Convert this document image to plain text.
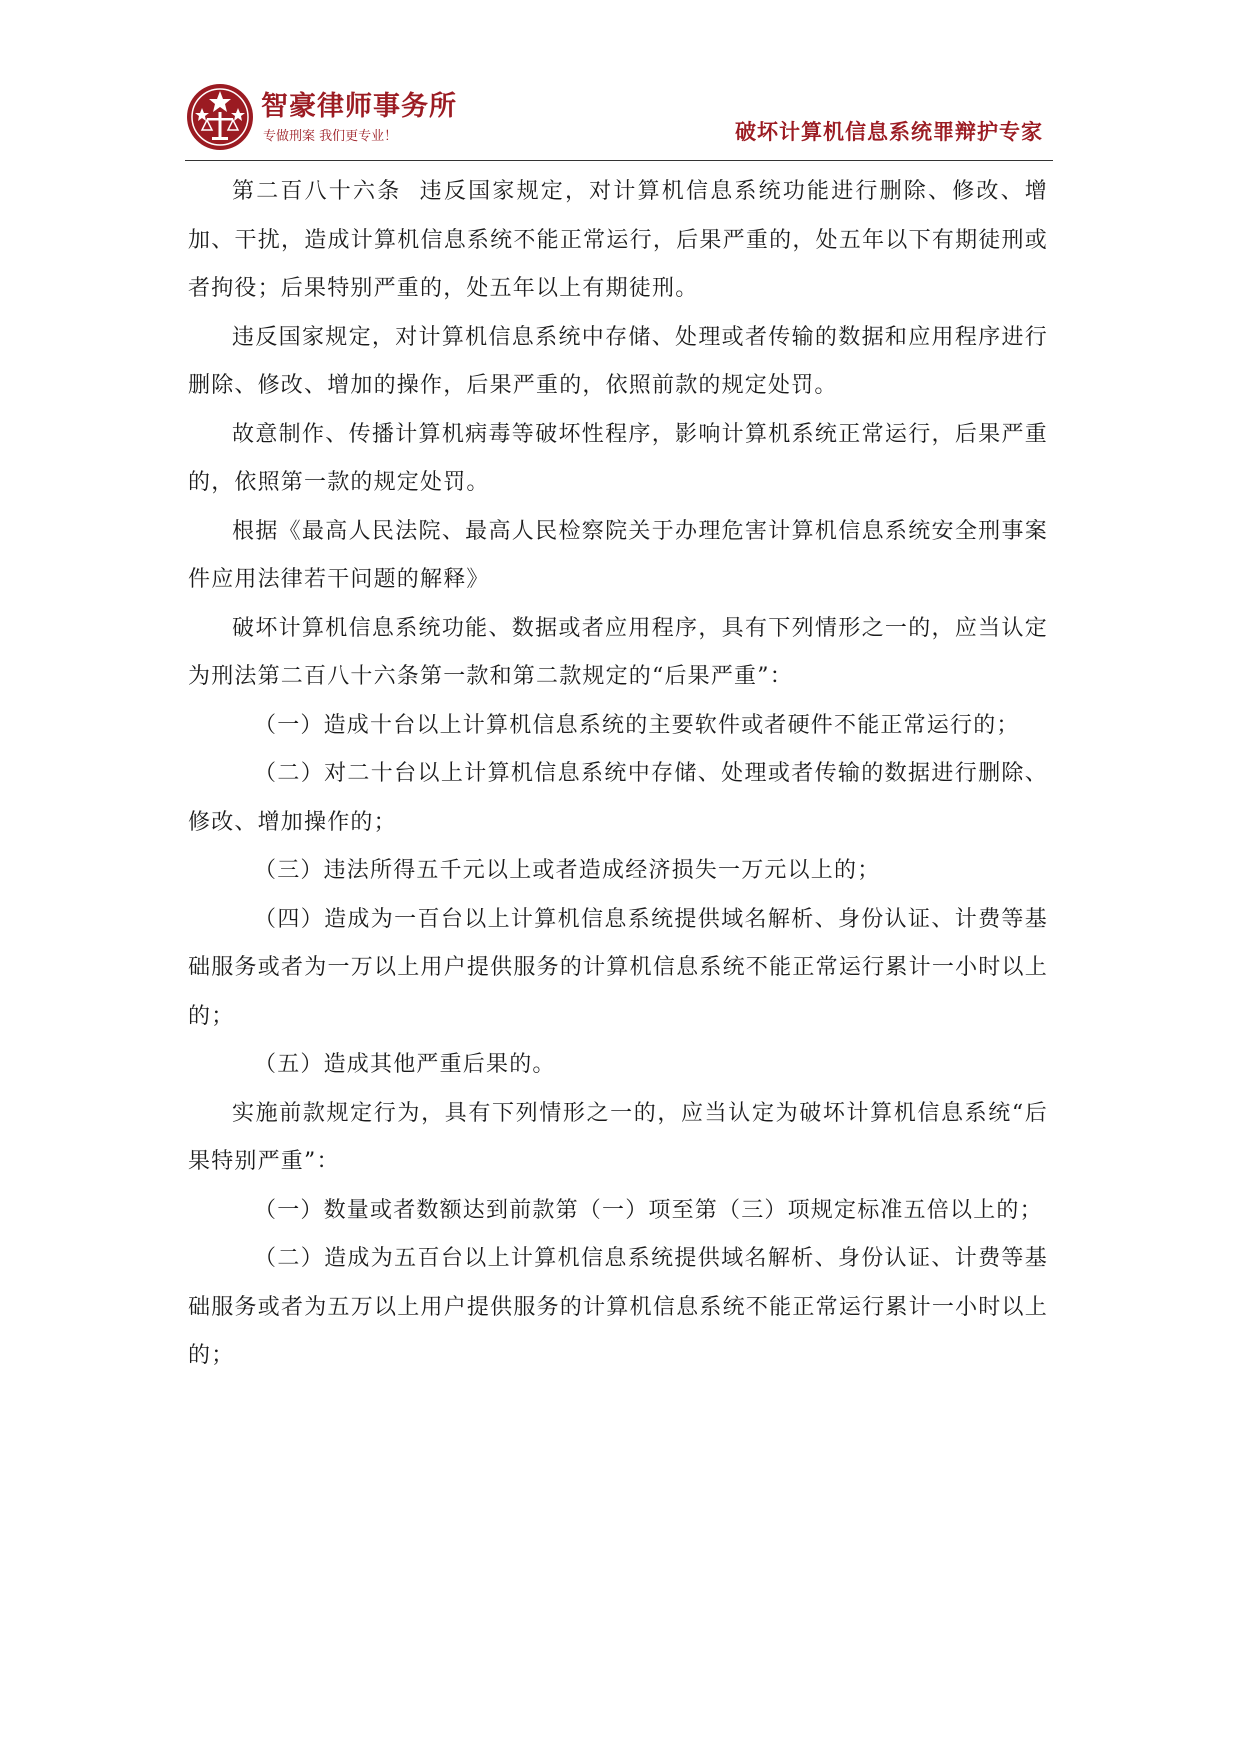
智豪律师事务所
专做刑案 我们更专业！	破坏计算机信息系统罪辩护专家

第二百八十六条  违反国家规定，对计算机信息系统功能进行删除、修改、增加、干扰，造成计算机信息系统不能正常运行，后果严重的，处五年以下有期徒刑或者拘役；后果特别严重的，处五年以上有期徒刑。

违反国家规定，对计算机信息系统中存储、处理或者传输的数据和应用程序进行删除、修改、增加的操作，后果严重的，依照前款的规定处罚。

故意制作、传播计算机病毒等破坏性程序，影响计算机系统正常运行，后果严重的，依照第一款的规定处罚。

根据《最高人民法院、最高人民检察院关于办理危害计算机信息系统安全刑事案件应用法律若干问题的解释》

破坏计算机信息系统功能、数据或者应用程序，具有下列情形之一的，应当认定为刑法第二百八十六条第一款和第二款规定的“后果严重”：

（一）造成十台以上计算机信息系统的主要软件或者硬件不能正常运行的；

（二）对二十台以上计算机信息系统中存储、处理或者传输的数据进行删除、修改、增加操作的；

（三）违法所得五千元以上或者造成经济损失一万元以上的；

（四）造成为一百台以上计算机信息系统提供域名解析、身份认证、计费等基础服务或者为一万以上用户提供服务的计算机信息系统不能正常运行累计一小时以上的；

（五）造成其他严重后果的。

实施前款规定行为，具有下列情形之一的，应当认定为破坏计算机信息系统“后果特别严重”：

（一）数量或者数额达到前款第（一）项至第（三）项规定标准五倍以上的；

（二）造成为五百台以上计算机信息系统提供域名解析、身份认证、计费等基础服务或者为五万以上用户提供服务的计算机信息系统不能正常运行累计一小时以上的；
